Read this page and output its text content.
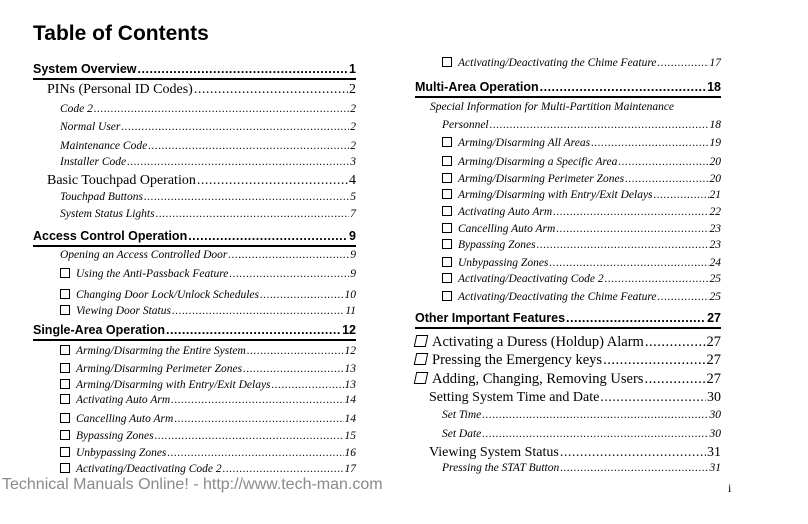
Table of Contents
System Overview .....	1
PINs (Personal ID Codes) .....	2
Code 2 .....	2
Normal User .....	2
Maintenance Code .....	2
Installer Code .....	3
Basic Touchpad Operation .....	4
Touchpad Buttons .....	5
System Status Lights .....	7
Access Control Operation .....	9
Opening an Access Controlled Door .....	9
Using the Anti-Passback Feature .....	9
Changing Door Lock/Unlock Schedules .....	10
Viewing Door Status .....	11
Single-Area Operation .....	12
Arming/Disarming the Entire System .....	12
Arming/Disarming Perimeter Zones .....	13
Arming/Disarming with Entry/Exit Delays .....	13
Activating Auto Arm .....	14
Cancelling Auto Arm .....	14
Bypassing Zones .....	15
Unbypassing Zones .....	16
Activating/Deactivating Code 2 .....	17
Activating/Deactivating the Chime Feature .....	17
Multi-Area Operation .....	18
Special Information for Multi-Partition Maintenance
Personnel .....	18
Arming/Disarming All Areas .....	19
Arming/Disarming a Specific Area .....	20
Arming/Disarming Perimeter Zones .....	20
Arming/Disarming with Entry/Exit Delays .....	21
Activating Auto Arm .....	22
Cancelling Auto Arm .....	23
Bypassing Zones .....	23
Unbypassing Zones .....	24
Activating/Deactivating Code 2 .....	25
Activating/Deactivating the Chime Feature .....	25
Other Important Features .....	27
Activating a Duress (Holdup) Alarm .....	27
Pressing the Emergency keys .....	27
Adding, Changing, Removing Users .....	27
Setting System Time and Date .....	30
Set Time .....	30
Set Date .....	30
Viewing System Status .....	31
Pressing the STAT Button .....	31
Technical Manuals Online! - http://www.tech-man.com	i
